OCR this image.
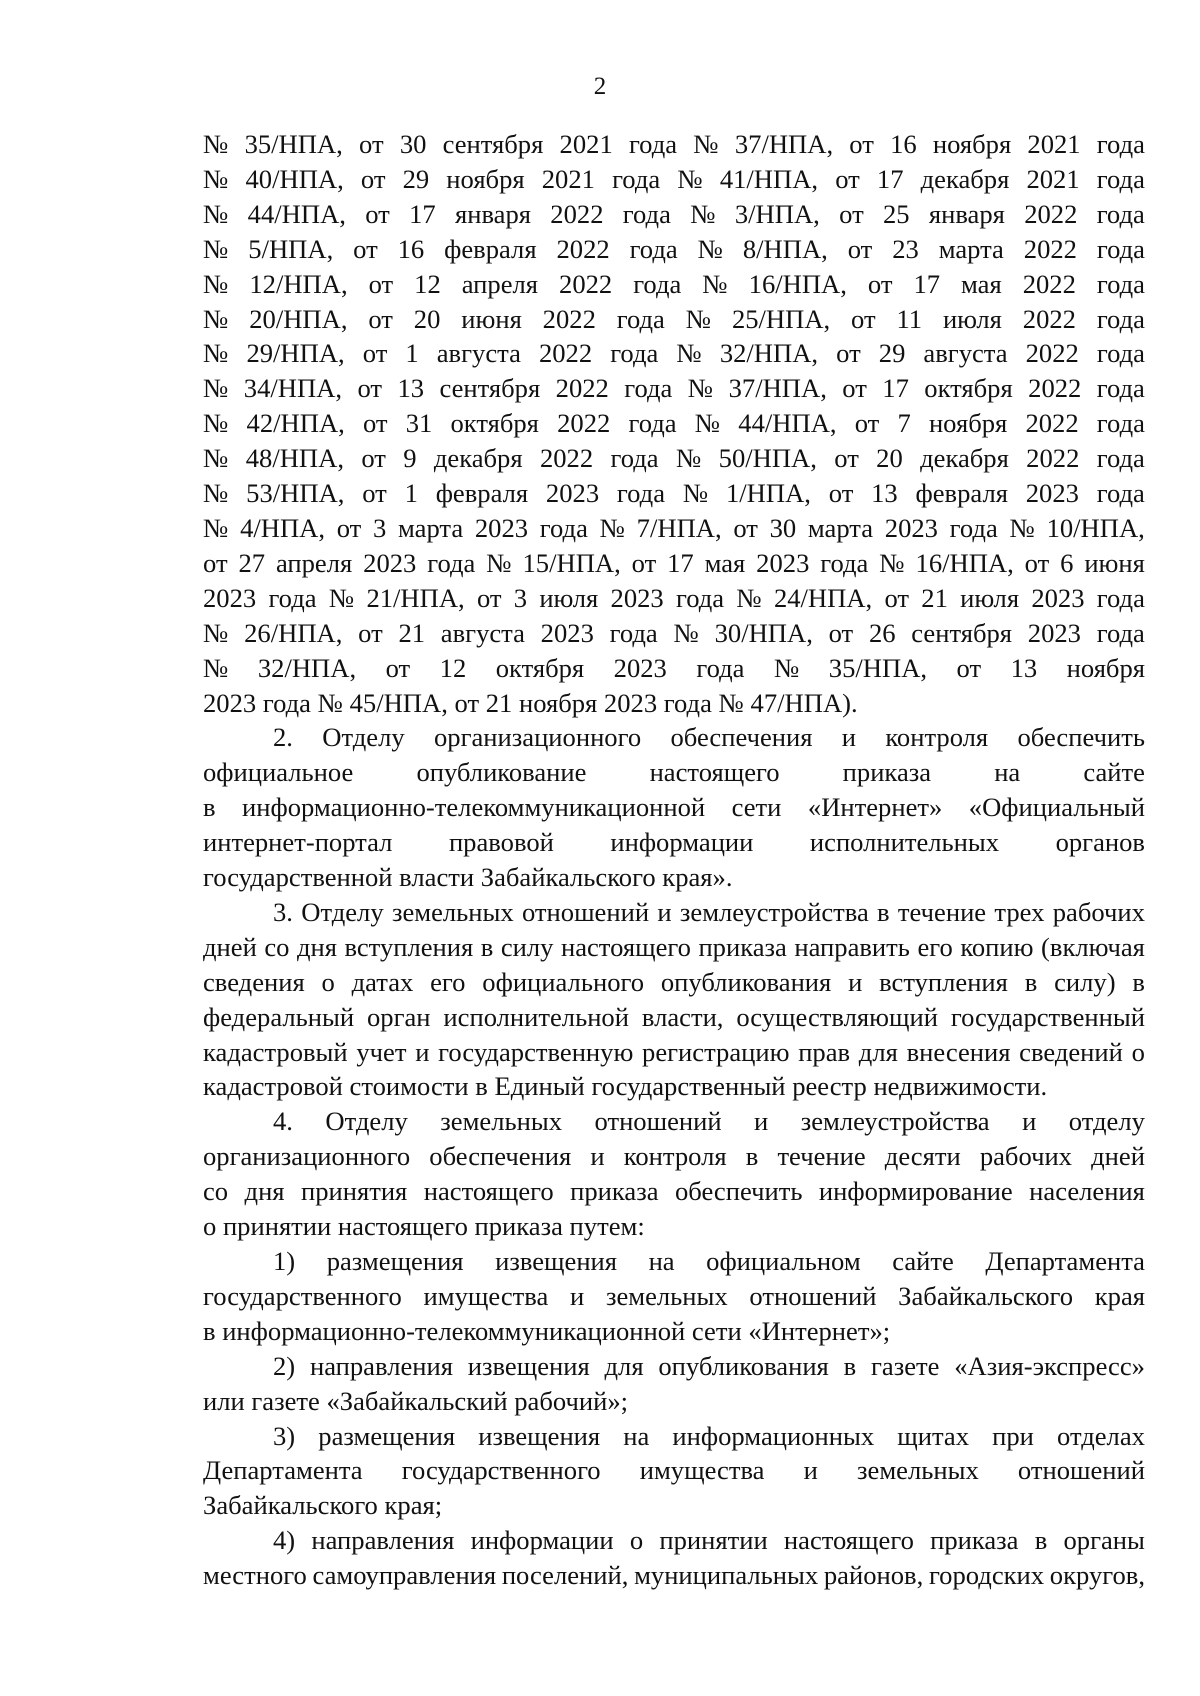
2
№ 35/НПА, от 30 сентября 2021 года № 37/НПА, от 16 ноября 2021 года
№ 40/НПА, от 29 ноября 2021 года № 41/НПА, от 17 декабря 2021 года
№ 44/НПА, от 17 января 2022 года № 3/НПА, от 25 января 2022 года
№ 5/НПА, от 16 февраля 2022 года № 8/НПА, от 23 марта 2022 года
№ 12/НПА, от 12 апреля 2022 года № 16/НПА, от 17 мая 2022 года
№ 20/НПА, от 20 июня 2022 года № 25/НПА, от 11 июля 2022 года
№ 29/НПА, от 1 августа 2022 года № 32/НПА, от 29 августа 2022 года
№ 34/НПА, от 13 сентября 2022 года № 37/НПА, от 17 октября 2022 года
№ 42/НПА, от 31 октября 2022 года № 44/НПА, от 7 ноября 2022 года
№ 48/НПА, от 9 декабря 2022 года № 50/НПА, от 20 декабря 2022 года
№ 53/НПА, от 1 февраля 2023 года № 1/НПА, от 13 февраля 2023 года
№ 4/НПА, от 3 марта 2023 года № 7/НПА, от 30 марта 2023 года № 10/НПА,
от 27 апреля 2023 года № 15/НПА, от 17 мая 2023 года № 16/НПА, от 6 июня
2023 года № 21/НПА, от 3 июля 2023 года № 24/НПА, от 21 июля 2023 года
№ 26/НПА, от 21 августа 2023 года № 30/НПА, от 26 сентября 2023 года
№ 32/НПА, от 12 октября 2023 года № 35/НПА, от 13 ноября
2023 года № 45/НПА, от 21 ноября 2023 года № 47/НПА).
2. Отделу организационного обеспечения и контроля обеспечить
официальное опубликование настоящего приказа на сайте
в информационно-телекоммуникационной сети «Интернет» «Официальный
интернет-портал правовой информации исполнительных органов
государственной власти Забайкальского края».
3. Отделу земельных отношений и землеустройства в течение трех рабочих
дней со дня вступления в силу настоящего приказа направить его копию (включая
сведения о датах его официального опубликования и вступления в силу) в
федеральный орган исполнительной власти, осуществляющий государственный
кадастровый учет и государственную регистрацию прав для внесения сведений о
кадастровой стоимости в Единый государственный реестр недвижимости.
4. Отделу земельных отношений и землеустройства и отделу
организационного обеспечения и контроля в течение десяти рабочих дней
со дня принятия настоящего приказа обеспечить информирование населения
о принятии настоящего приказа путем:
1) размещения извещения на официальном сайте Департамента
государственного имущества и земельных отношений Забайкальского края
в информационно-телекоммуникационной сети «Интернет»;
2) направления извещения для опубликования в газете «Азия-экспресс»
или газете «Забайкальский рабочий»;
3) размещения извещения на информационных щитах при отделах
Департамента государственного имущества и земельных отношений
Забайкальского края;
4) направления информации о принятии настоящего приказа в органы
местного самоуправления поселений, муниципальных районов, городских округов,
